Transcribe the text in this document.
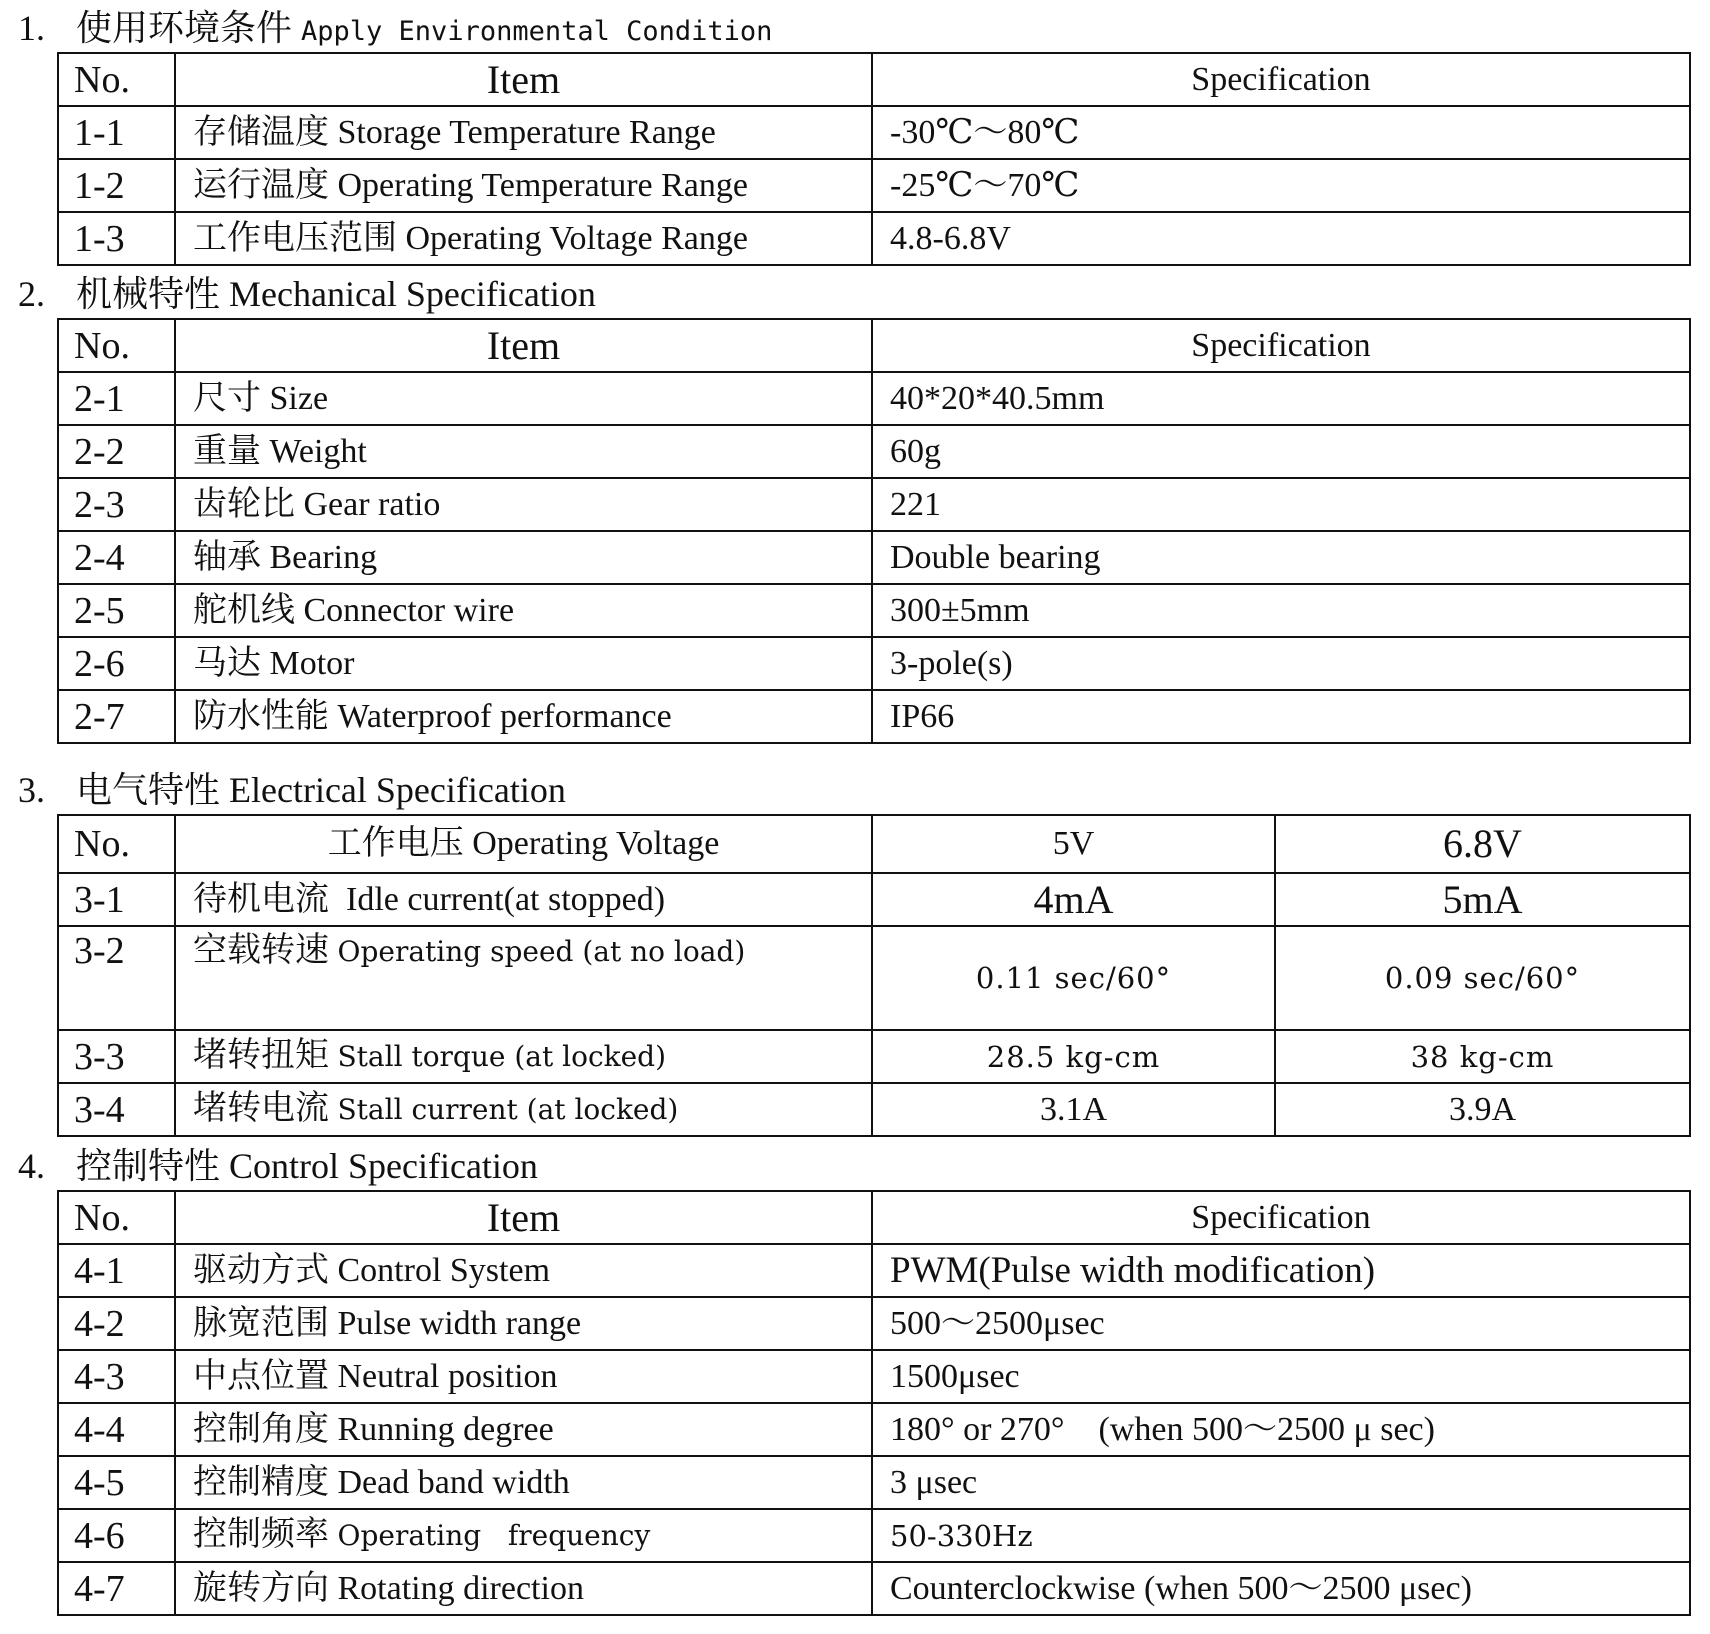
1. 使用环境条件 Apply Environmental Condition
No.	Item	Specification
1-1	存储温度 Storage Temperature Range	-30℃～80℃
1-2	运行温度 Operating Temperature Range	-25℃～70℃
1-3	工作电压范围 Operating Voltage Range	4.8-6.8V
2. 机械特性 Mechanical Specification
No.	Item	Specification
2-1	尺寸 Size	40*20*40.5mm
2-2	重量 Weight	60g
2-3	齿轮比 Gear ratio	221
2-4	轴承 Bearing	Double bearing
2-5	舵机线 Connector wire	300±5mm
2-6	马达 Motor	3-pole(s)
2-7	防水性能 Waterproof performance	IP66
3. 电气特性 Electrical Specification
No.	工作电压 Operating Voltage	5V	6.8V
3-1	待机电流 Idle current(at stopped)	4mA	5mA
3-2	空载转速 Operating speed (at no load)	0.11 sec/60°	0.09 sec/60°
3-3	堵转扭矩 Stall torque (at locked)	28.5 kg-cm	38 kg-cm
3-4	堵转电流 Stall current (at locked)	3.1A	3.9A
4. 控制特性 Control Specification
No.	Item	Specification
4-1	驱动方式 Control System	PWM(Pulse width modification)
4-2	脉宽范围 Pulse width range	500～2500μsec
4-3	中点位置 Neutral position	1500μsec
4-4	控制角度 Running degree	180° or 270°    (when 500～2500 μ sec)
4-5	控制精度 Dead band width	3 μsec
4-6	控制频率 Operating   frequency	50-330Hz
4-7	旋转方向 Rotating direction	Counterclockwise (when 500～2500 μsec)
